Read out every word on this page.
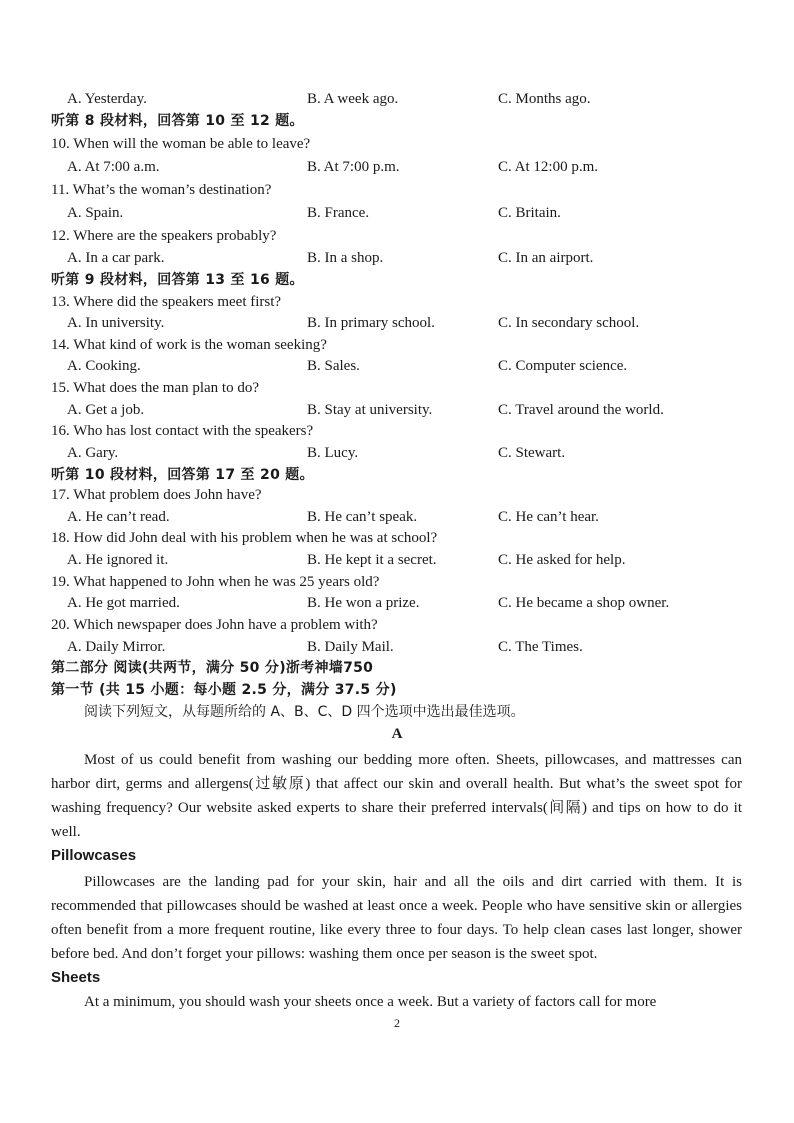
A. Yesterday.	B. A week ago.	C. Months ago.
听第 8 段材料，回答第 10 至 12 题。
10. When will the woman be able to leave?
A. At 7:00 a.m.	B. At 7:00 p.m.	C. At 12:00 p.m.
11. What’s the woman’s destination?
A. Spain.	B. France.	C. Britain.
12. Where are the speakers probably?
A. In a car park.	B. In a shop.	C. In an airport.
听第 9 段材料，回答第 13 至 16 题。
13. Where did the speakers meet first?
A. In university.	B. In primary school.	C. In secondary school.
14. What kind of work is the woman seeking?
A. Cooking.	B. Sales.	C. Computer science.
15. What does the man plan to do?
A. Get a job.	B. Stay at university.	C. Travel around the world.
16. Who has lost contact with the speakers?
A. Gary.	B. Lucy.	C. Stewart.
听第 10 段材料，回答第 17 至 20 题。
17. What problem does John have?
A. He can’t read.	B. He can’t speak.	C. He can’t hear.
18. How did John deal with his problem when he was at school?
A. He ignored it.	B. He kept it a secret.	C. He asked for help.
19. What happened to John when he was 25 years old?
A. He got married.	B. He won a prize.	C. He became a shop owner.
20. Which newspaper does John have a problem with?
A. Daily Mirror.	B. Daily Mail.	C. The Times.
第二部分 阅读(共两节，满分 50 分)浙考神墙750
第一节 (共 15 小题：每小题 2.5 分，满分 37.5 分)
阅读下列短文，从每题所给的 A、B、C、D 四个选项中选出最佳选项。
A
Most of us could benefit from washing our bedding more often. Sheets, pillowcases, and mattresses can harbor dirt, germs and allergens(过敏原) that affect our skin and overall health. But what’s the sweet spot for washing frequency? Our website asked experts to share their preferred intervals(间隔) and tips on how to do it well.
Pillowcases
Pillowcases are the landing pad for your skin, hair and all the oils and dirt carried with them. It is recommended that pillowcases should be washed at least once a week. People who have sensitive skin or allergies often benefit from a more frequent routine, like every three to four days. To help clean cases last longer, shower before bed. And don’t forget your pillows: washing them once per season is the sweet spot.
Sheets
At a minimum, you should wash your sheets once a week. But a variety of factors call for more
2
